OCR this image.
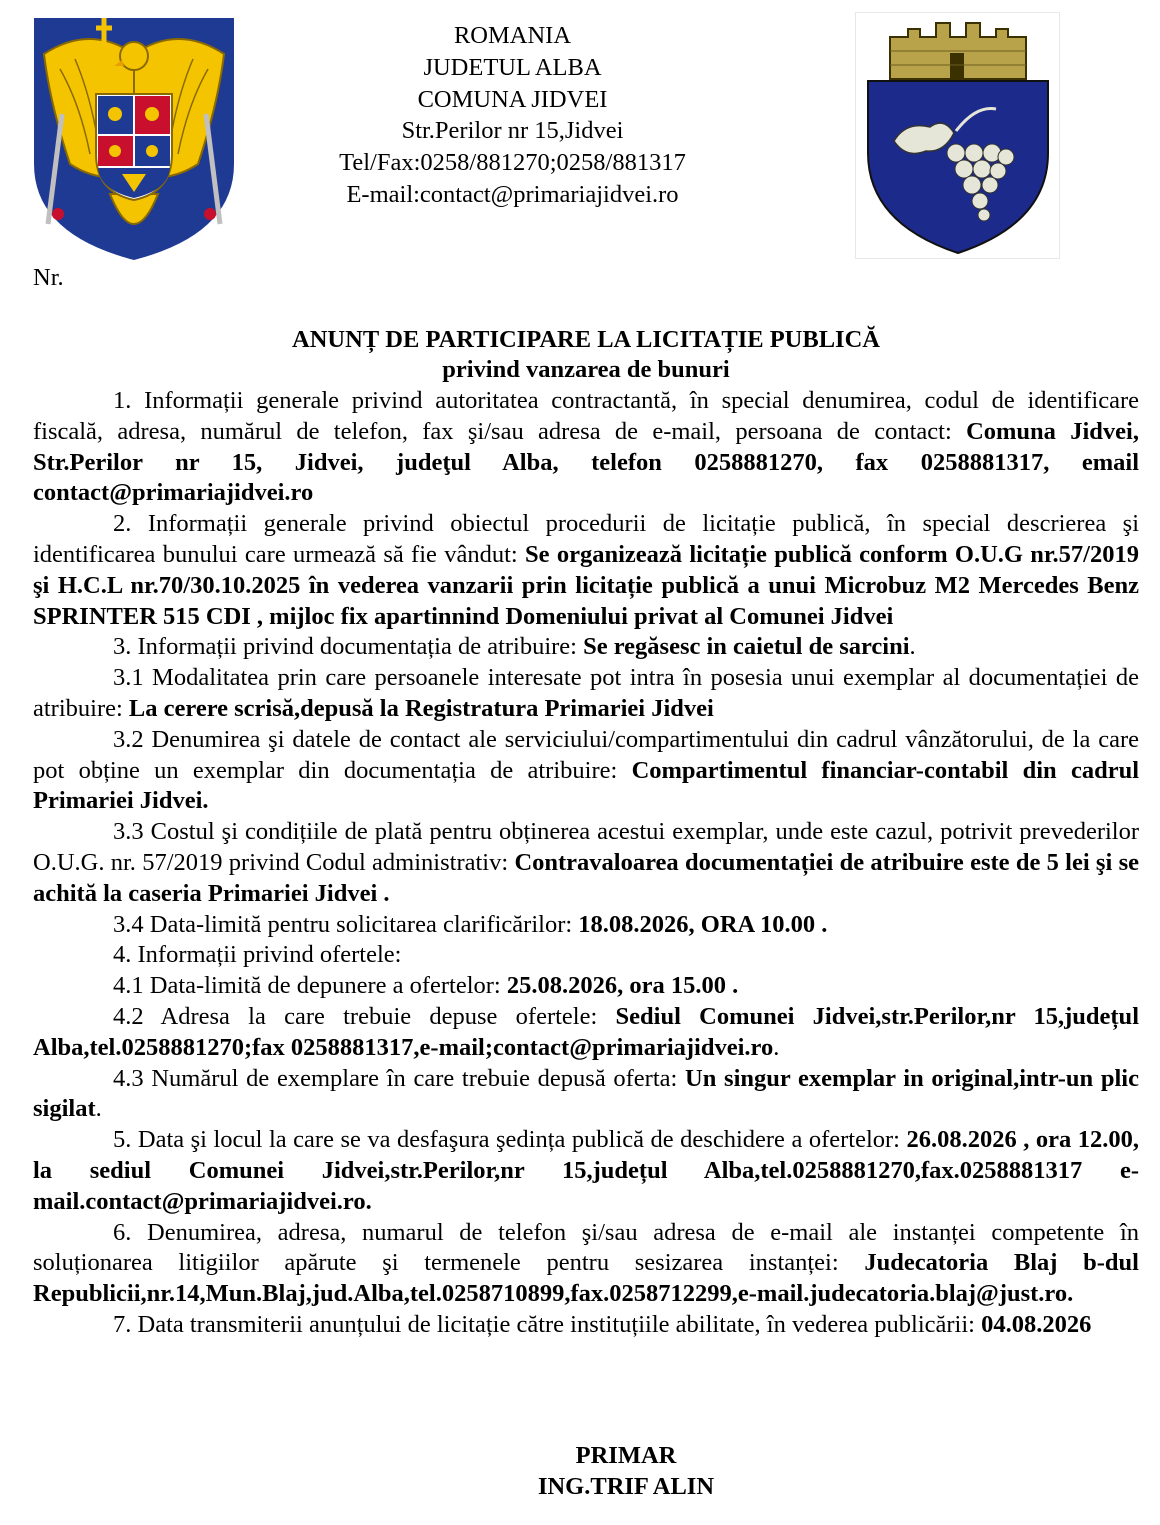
ROMANIA
JUDETUL ALBA
COMUNA JIDVEI
Str.Perilor nr 15,Jidvei
Tel/Fax:0258/881270;0258/881317
E-mail:contact@primariajidvei.ro
Nr.
ANUNȚ DE PARTICIPARE LA LICITAȚIE PUBLICĂ
privind vanzarea de bunuri

1. Informații generale privind autoritatea contractantă, în special denumirea, codul de identificare fiscală, adresa, numărul de telefon, fax şi/sau adresa de e-mail, persoana de contact: Comuna Jidvei, Str.Perilor nr 15, Jidvei, judeţul Alba, telefon 0258881270, fax 0258881317, email contact@primariajidvei.ro

2. Informații generale privind obiectul procedurii de licitație publică, în special descrierea şi identificarea bunului care urmează să fie vândut: Se organizează licitație publică conform O.U.G nr.57/2019 şi H.C.L nr.70/30.10.2025 în vederea vanzarii prin licitație publică a unui Microbuz M2 Mercedes Benz SPRINTER 515 CDI , mijloc fix apartinnind Domeniului privat al Comunei Jidvei

3. Informații privind documentația de atribuire: Se regăsesc in caietul de sarcini.

3.1 Modalitatea prin care persoanele interesate pot intra în posesia unui exemplar al documentației de atribuire: La cerere scrisă,depusă la Registratura Primariei Jidvei

3.2 Denumirea şi datele de contact ale serviciului/compartimentului din cadrul vânzătorului, de la care pot obține un exemplar din documentația de atribuire: Compartimentul financiar-contabil din cadrul Primariei Jidvei.

3.3 Costul şi condițiile de plată pentru obținerea acestui exemplar, unde este cazul, potrivit prevederilor O.U.G. nr. 57/2019 privind Codul administrativ: Contravaloarea documentației de atribuire este de 5 lei şi se achită la caseria Primariei Jidvei .

3.4 Data-limită pentru solicitarea clarificărilor: 18.08.2026, ORA 10.00 .

4. Informații privind ofertele:

4.1 Data-limită de depunere a ofertelor: 25.08.2026, ora 15.00 .

4.2 Adresa la care trebuie depuse ofertele: Sediul Comunei Jidvei,str.Perilor,nr 15,județul Alba,tel.0258881270;fax 0258881317,e-mail;contact@primariajidvei.ro.

4.3 Numărul de exemplare în care trebuie depusă oferta: Un singur exemplar in original,intr-un plic sigilat.

5. Data şi locul la care se va desfaşura şedința publică de deschidere a ofertelor: 26.08.2026 , ora 12.00, la sediul Comunei Jidvei,str.Perilor,nr 15,județul Alba,tel.0258881270,fax.0258881317 e-mail.contact@primariajidvei.ro.

6. Denumirea, adresa, numarul de telefon şi/sau adresa de e-mail ale instanței competente în soluționarea litigiilor apărute şi termenele pentru sesizarea instanței: Judecatoria Blaj b-dul Republicii,nr.14,Mun.Blaj,jud.Alba,tel.0258710899,fax.0258712299,e-mail.judecatoria.blaj@just.ro.

7. Data transmiterii anunțului de licitație către instituțiile abilitate, în vederea publicării: 04.08.2026

PRIMAR
ING.TRIF ALIN
